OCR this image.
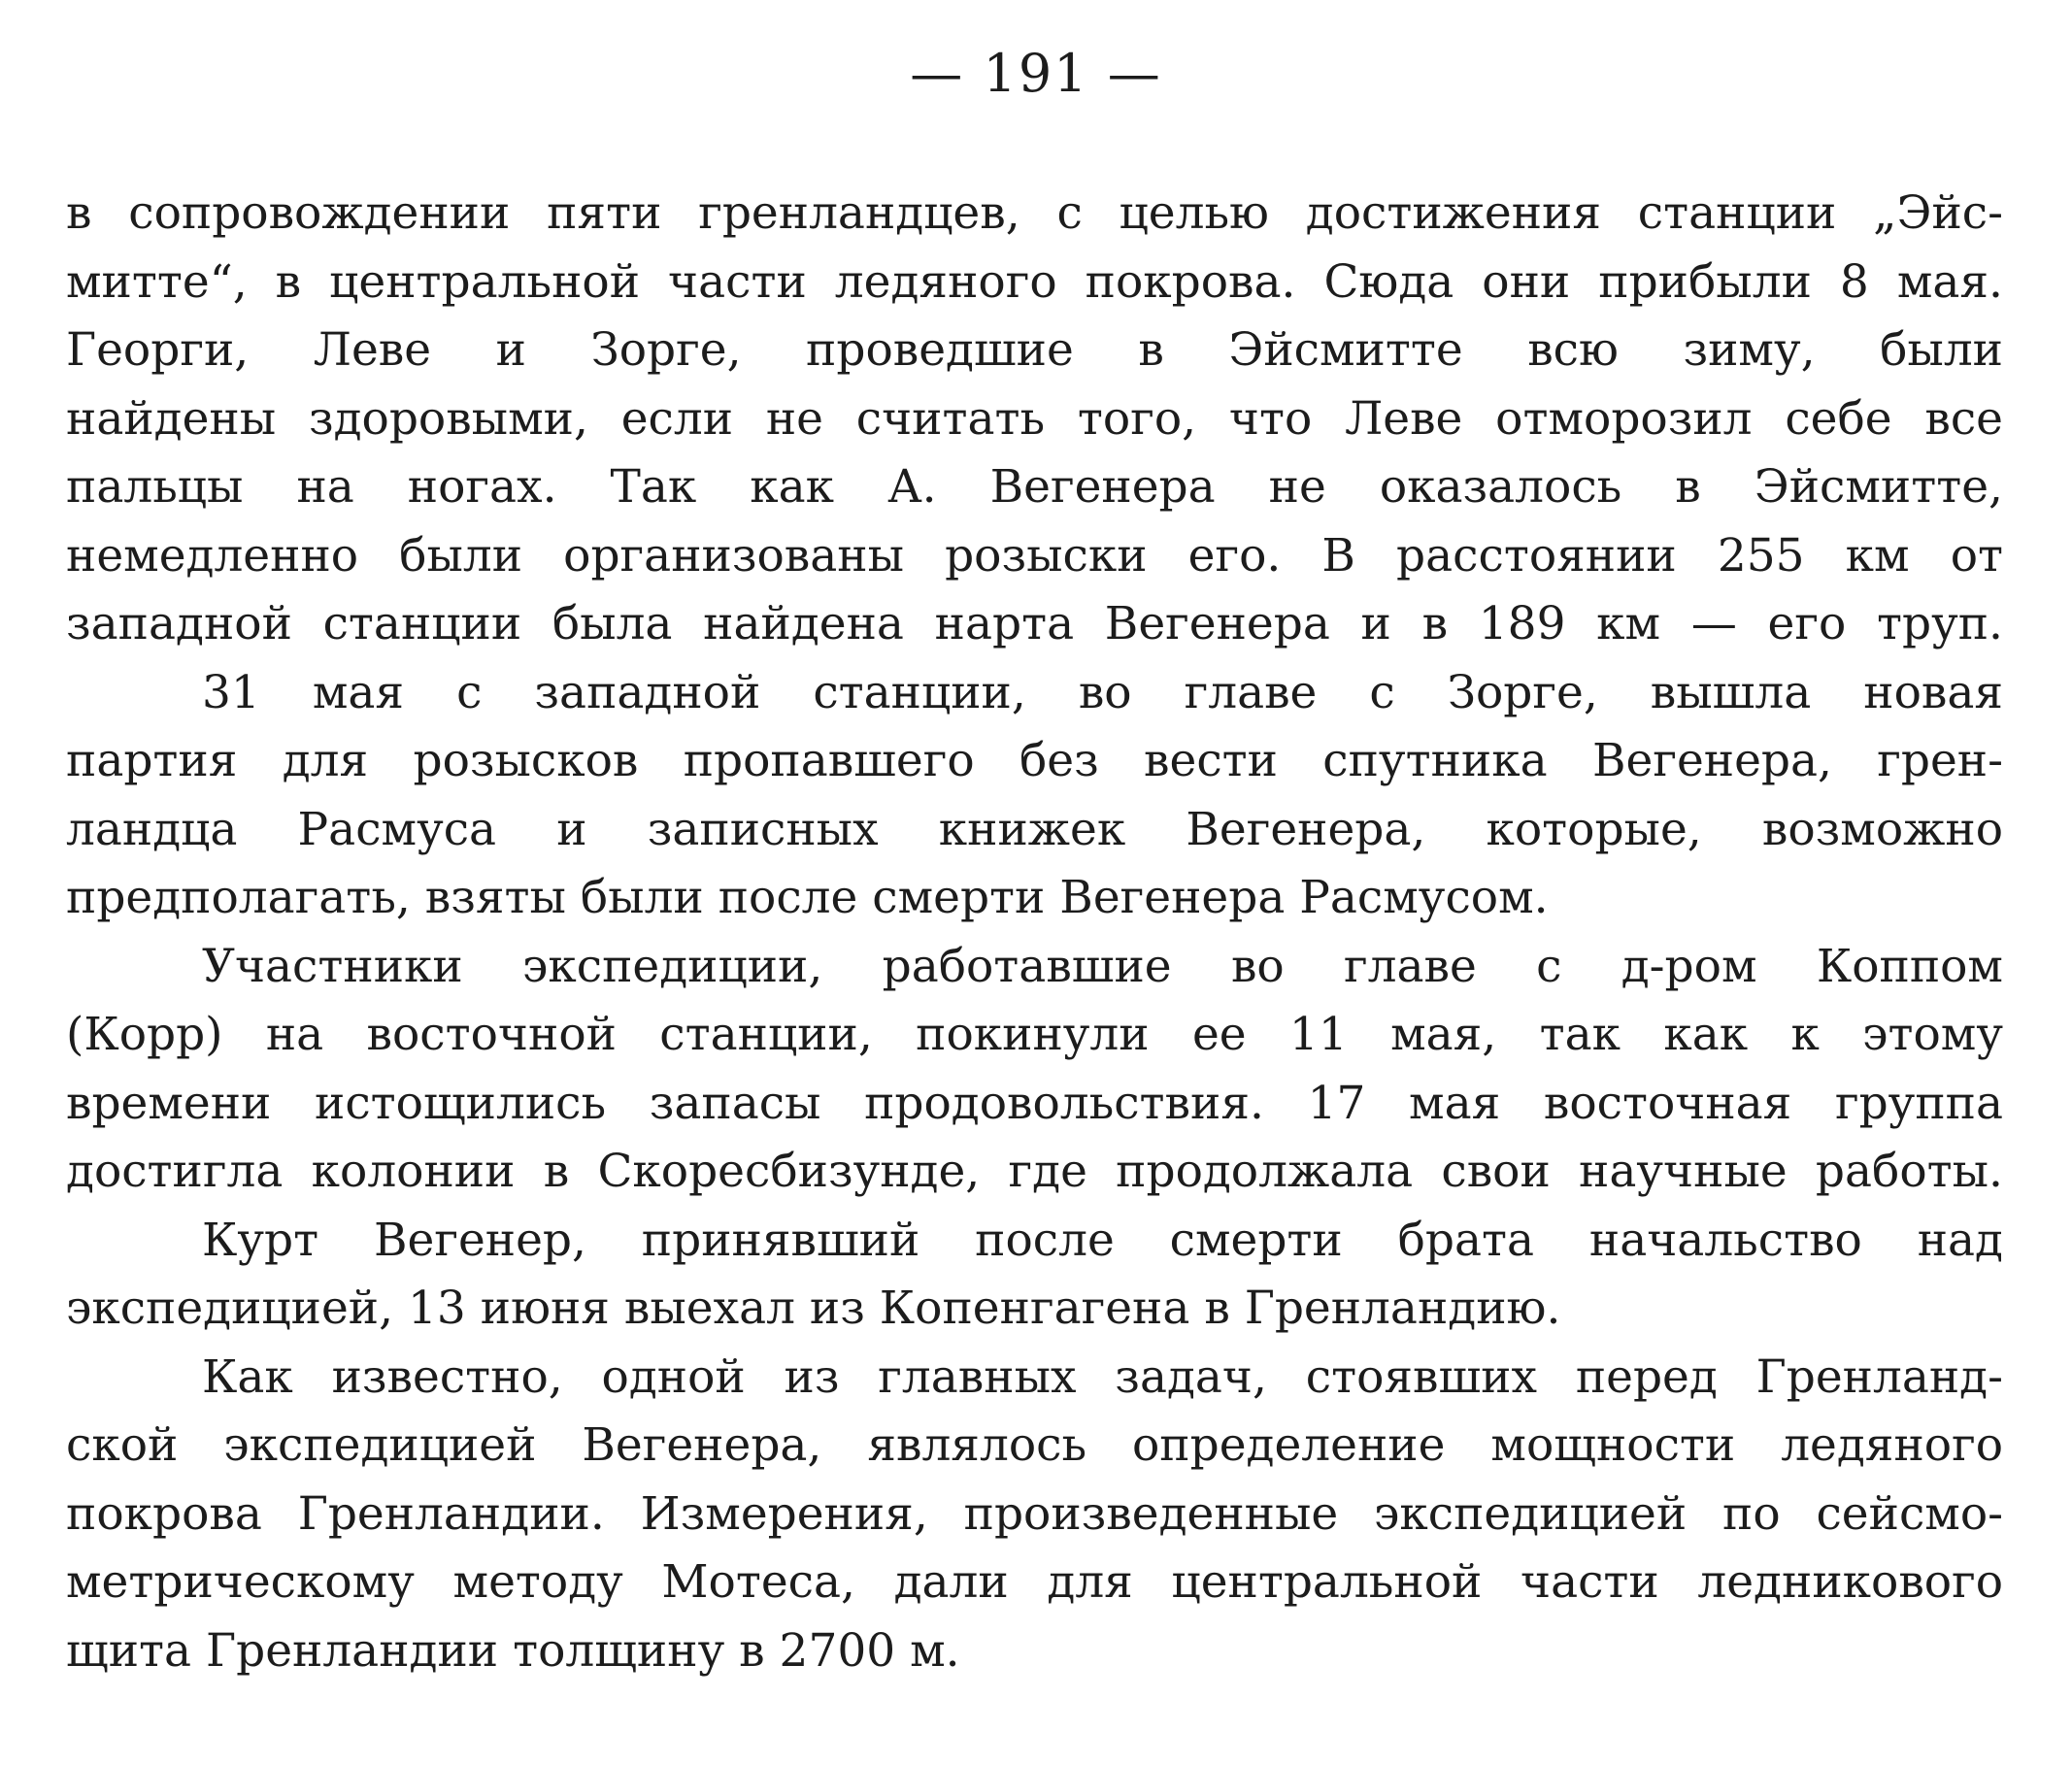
— 191 —
в сопровождении пяти гренландцев, с целью достижения станции „Эйс-
митте“, в центральной части ледяного покрова. Сюда они прибыли 8 мая.
Георги, Леве и Зорге, проведшие в Эйсмитте всю зиму, были
найдены здоровыми, если не считать того, что Леве отморозил себе все
пальцы на ногах. Так как А. Вегенера не оказалось в Эйсмитте,
немедленно были организованы розыски его. В расстоянии 255 км от
западной станции была найдена нарта Вегенера и в 189 км — его труп.
31 мая с западной станции, во главе с Зорге, вышла новая
партия для розысков пропавшего без вести спутника Вегенера, грен-
ландца Расмуса и записных книжек Вегенера, которые, возможно
предполагать, взяты были после смерти Вегенера Расмусом.
Участники экспедиции, работавшие во главе с д-ром Коппом
(Корр) на восточной станции, покинули ее 11 мая, так как к этому
времени истощились запасы продовольствия. 17 мая восточная группа
достигла колонии в Скоресбизунде, где продолжала свои научные работы.
Курт Вегенер, принявший после смерти брата начальство над
экспедицией, 13 июня выехал из Копенгагена в Гренландию.
Как известно, одной из главных задач, стоявших перед Гренланд-
ской экспедицией Вегенера, являлось определение мощности ледяного
покрова Гренландии. Измерения, произведенные экспедицией по сейсмо-
метрическому методу Мотеса, дали для центральной части ледникового
щита Гренландии толщину в 2700 м.
